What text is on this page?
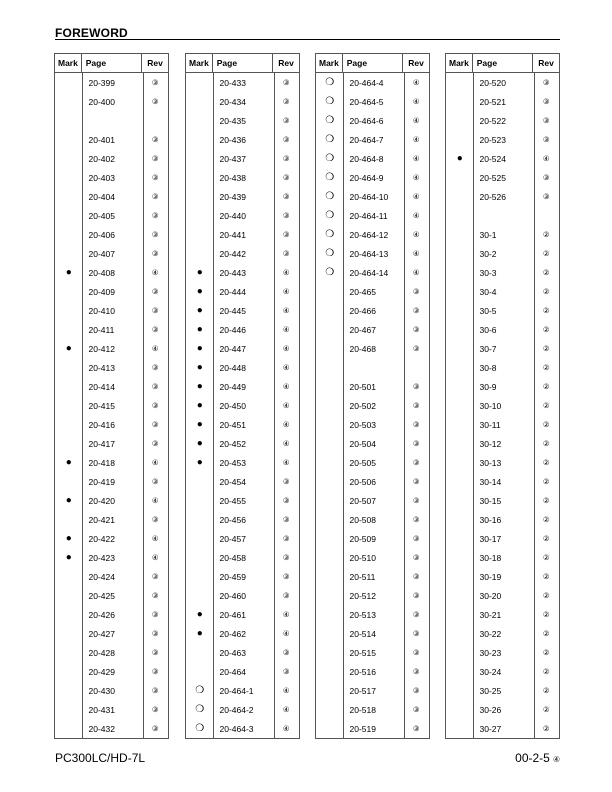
FOREWORD
Mark Page	Rev
20-399	③
20-400	③
20-401	③
20-402	③
20-403	③
20-404	③
20-405	③
20-406	③
20-407	③
●	20-408	④
20-409	③
20-410	③
20-411	③
●	20-412	④
20-413	③
20-414	③
20-415	③
20-416	③
20-417	③
●	20-418	④
20-419	③
●	20-420	④
20-421	③
●	20-422	④
●	20-423	④
20-424	③
20-425	③
20-426	③
20-427	③
20-428	③
20-429	③
20-430	③
20-431	③
20-432	③
Mark Page	Rev
20-433	③
20-434	③
20-435	③
20-436	③
20-437	③
20-438	③
20-439	③
20-440	③
20-441	③
20-442	③
●	20-443	④
●	20-444	④
●	20-445	④
●	20-446	④
●	20-447	④
●	20-448	④
●	20-449	④
●	20-450	④
●	20-451	④
●	20-452	④
●	20-453	④
20-454	③
20-455	③
20-456	③
20-457	③
20-458	③
20-459	③
20-460	③
●	20-461	④
●	20-462	④
20-463	③
20-464	③
❍	20-464-1	④
❍	20-464-2	④
❍	20-464-3	④
Mark Page	Rev
❍	20-464-4	④
❍	20-464-5	④
❍	20-464-6	④
❍	20-464-7	④
❍	20-464-8	④
❍	20-464-9	④
❍	20-464-10	④
❍	20-464-11	④
❍	20-464-12	④
❍	20-464-13	④
❍	20-464-14	④
20-465	③
20-466	③
20-467	③
20-468	③
20-501	③
20-502	③
20-503	③
20-504	③
20-505	③
20-506	③
20-507	③
20-508	③
20-509	③
20-510	③
20-511	③
20-512	③
20-513	③
20-514	③
20-515	③
20-516	③
20-517	③
20-518	③
20-519	③
Mark Page	Rev
20-520	③
20-521	③
20-522	③
20-523	③
●	20-524	④
20-525	③
20-526	③
30-1	②
30-2	②
30-3	②
30-4	②
30-5	②
30-6	②
30-7	②
30-8	②
30-9	②
30-10	②
30-11	②
30-12	②
30-13	②
30-14	②
30-15	②
30-16	②
30-17	②
30-18	②
30-19	②
30-20	②
30-21	②
30-22	②
30-23	②
30-24	②
30-25	②
30-26	②
30-27	②
PC300LC/HD-7L	00-2-5 ④
